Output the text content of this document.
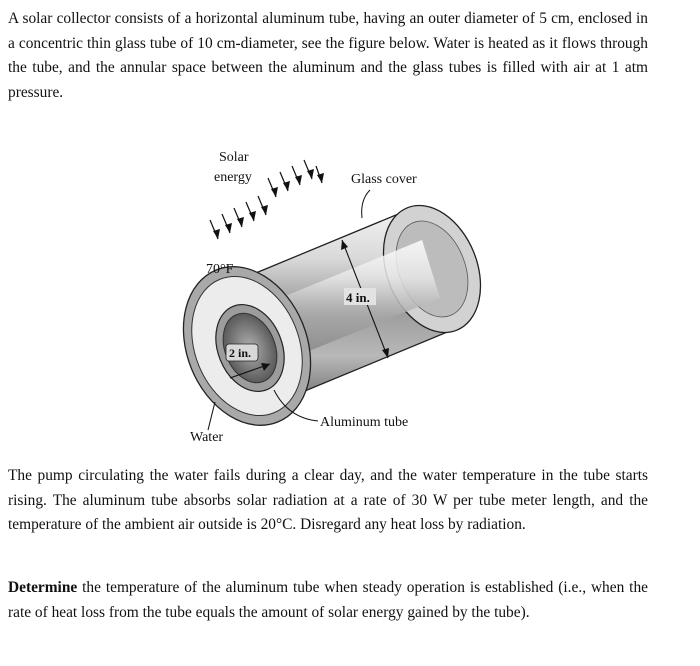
A solar collector consists of a horizontal aluminum tube, having an outer diameter of 5 cm, enclosed in a concentric thin glass tube of 10 cm-diameter, see the figure below. Water is heated as it flows through the tube, and the annular space between the aluminum and the glass tubes is filled with air at 1 atm pressure.

2 in.
4 in.
Solar
energy	Glass cover
70°F
Aluminum tube
Water

The pump circulating the water fails during a clear day, and the water temperature in the tube starts rising. The aluminum tube absorbs solar radiation at a rate of 30 W per tube meter length, and the temperature of the ambient air outside is 20°C. Disregard any heat loss by radiation.

Determine the temperature of the aluminum tube when steady operation is established (i.e., when the rate of heat loss from the tube equals the amount of solar energy gained by the tube).
